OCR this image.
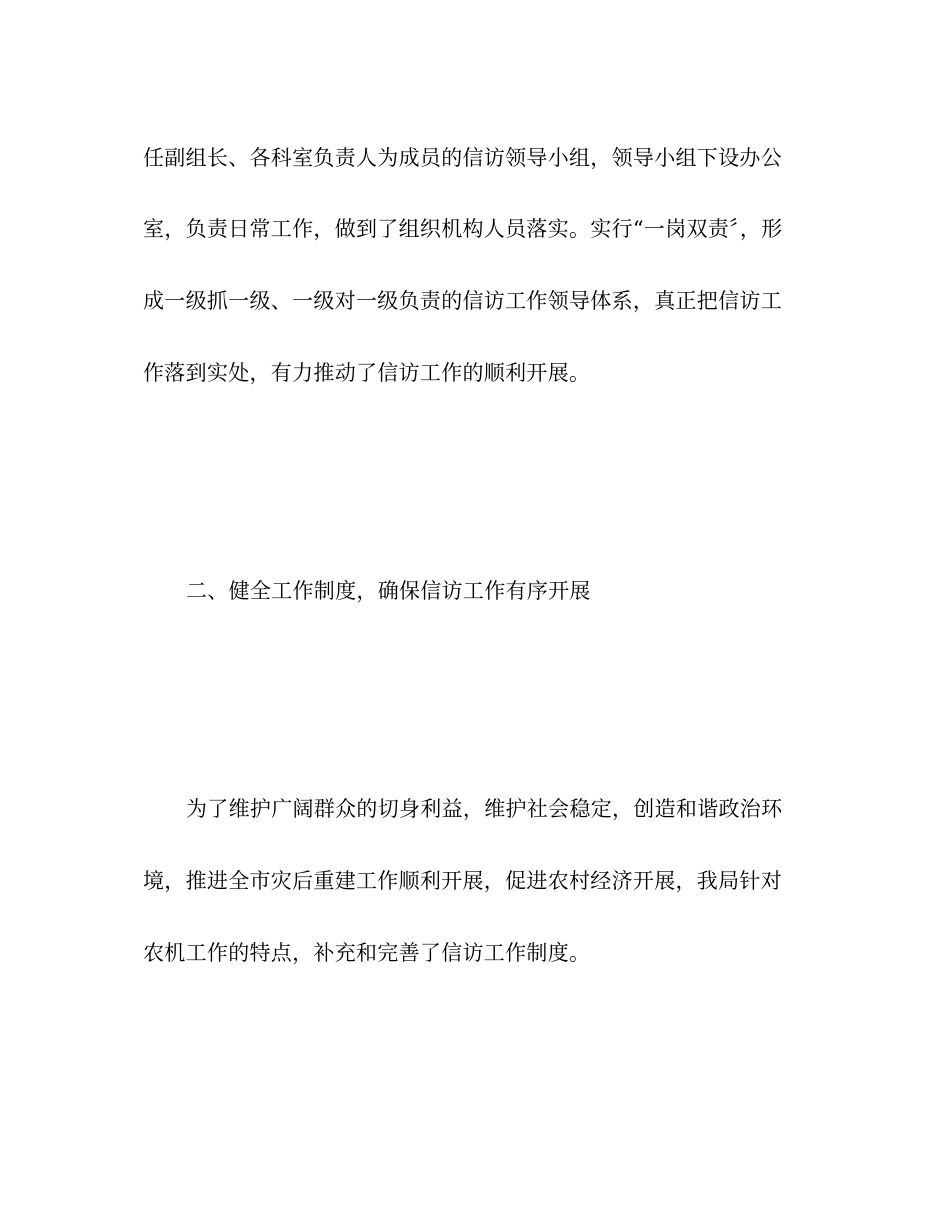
任副组长、各科室负责人为成员的信访领导小组，领导小组下设办公

室，负责日常工作，做到了组织机构人员落实。实行“一岗双责〞，形

成一级抓一级、一级对一级负责的信访工作领导体系，真正把信访工

作落到实处，有力推动了信访工作的顺利开展。

二、健全工作制度，确保信访工作有序开展

为了维护广阔群众的切身利益，维护社会稳定，创造和谐政治环

境，推进全市灾后重建工作顺利开展，促进农村经济开展，我局针对

农机工作的特点，补充和完善了信访工作制度。
